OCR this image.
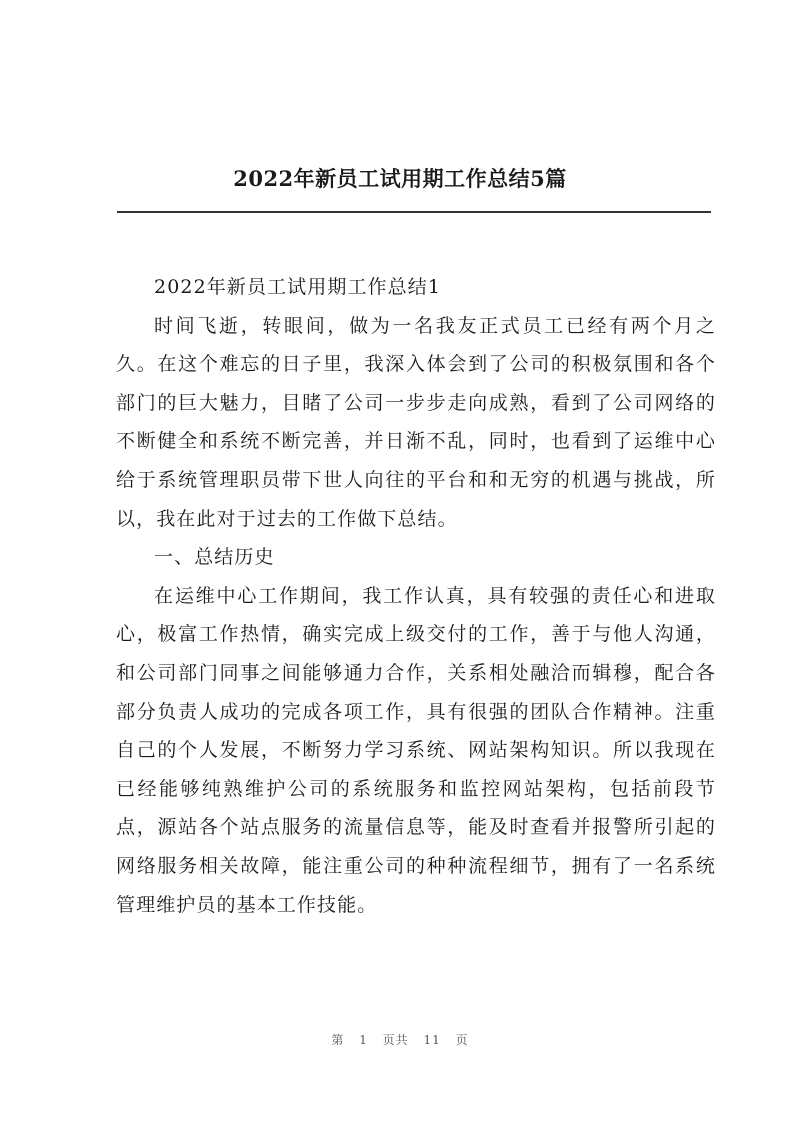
2022年新员工试用期工作总结5篇

2022年新员工试用期工作总结1

时间飞逝，转眼间，做为一名我友正式员工已经有两个月之久。在这个难忘的日子里，我深入体会到了公司的积极氛围和各个部门的巨大魅力，目睹了公司一步步走向成熟，看到了公司网络的不断健全和系统不断完善，并日渐不乱，同时，也看到了运维中心给于系统管理职员带下世人向往的平台和和无穷的机遇与挑战，所以，我在此对于过去的工作做下总结。

一、总结历史

在运维中心工作期间，我工作认真，具有较强的责任心和进取心，极富工作热情，确实完成上级交付的工作，善于与他人沟通，和公司部门同事之间能够通力合作，关系相处融洽而辑穆，配合各部分负责人成功的完成各项工作，具有很强的团队合作精神。注重自己的个人发展，不断努力学习系统、网站架构知识。所以我现在已经能够纯熟维护公司的系统服务和监控网站架构，包括前段节点，源站各个站点服务的流量信息等，能及时查看并报警所引起的网络服务相关故障，能注重公司的种种流程细节，拥有了一名系统管理维护员的基本工作技能。

第 1 页共 11 页
